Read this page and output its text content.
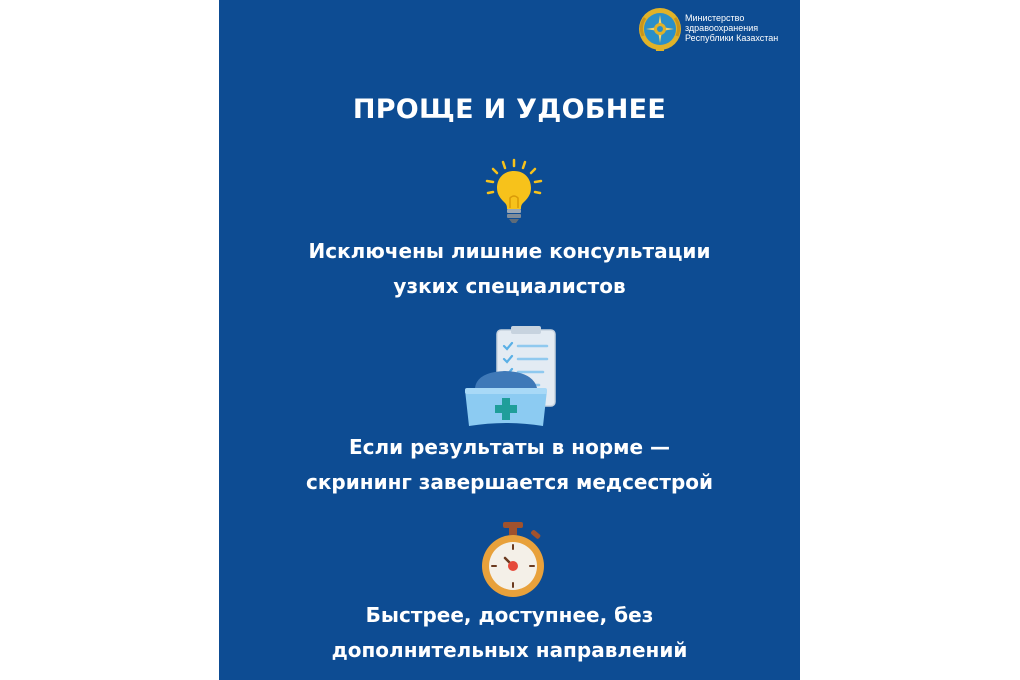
Министерство
здравоохранения
Республики Казахстан
ПРОЩЕ И УДОБНЕЕ

Исключены лишние консультации
узких специалистов

Если результаты в норме —
скрининг завершается медсестрой

Быстрее, доступнее, без
дополнительных направлений
